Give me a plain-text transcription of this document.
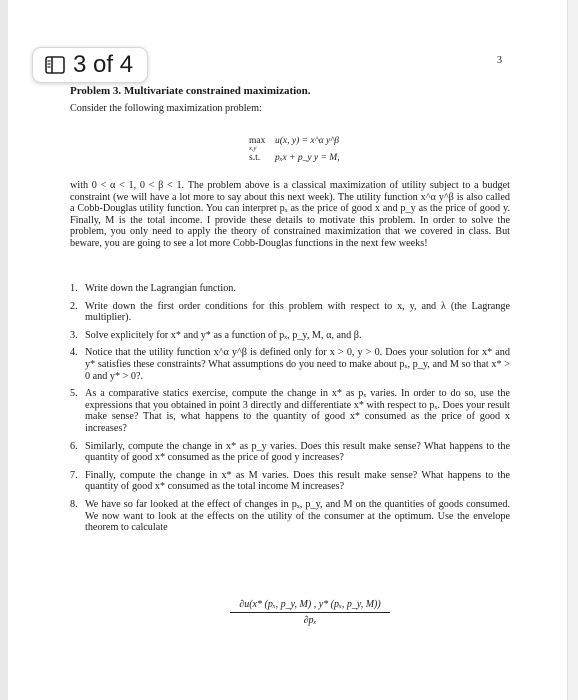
3 of 4	3
Problem 3. Multivariate constrained maximization.
Consider the following maximization problem:
max
x,y
u(x, y) = x^α y^β
s.t.	pₓx + p_y y = M,
with 0 < α < 1, 0 < β < 1. The problem above is a classical maximization of utility subject to a budget constraint (we will have a lot more to say about this next week). The utility function x^α y^β is also called a Cobb-Douglas utility function. You can interpret pₓ as the price of good x and p_y as the price of good y. Finally, M is the total income. I provide these details to motivate this problem. In order to solve the problem, you only need to apply the theory of constrained maximization that we covered in class. But beware, you are going to see a lot more Cobb-Douglas functions in the next few weeks!
1. Write down the Lagrangian function.
2. Write down the first order conditions for this problem with respect to x, y, and λ (the Lagrange multiplier).
3. Solve explicitely for x* and y* as a function of pₓ, p_y, M, α, and β.
4. Notice that the utility function x^α y^β is defined only for x > 0, y > 0. Does your solution for x* and y* satisfies these constraints? What assumptions do you need to make about pₓ, p_y, and M so that x* > 0 and y* > 0?.
5. As a comparative statics exercise, compute the change in x* as pₓ varies. In order to do so, use the expressions that you obtained in point 3 directly and differentiate x* with respect to pₓ. Does your result make sense? That is, what happens to the quantity of good x* consumed as the price of good x increases?
6. Similarly, compute the change in x* as p_y varies. Does this result make sense? What happens to the quantity of good x* consumed as the price of good y increases?
7. Finally, compute the change in x* as M varies. Does this result make sense? What happens to the quantity of good x* consumed as the total income M increases?
8. We have so far looked at the effect of changes in pₓ, p_y, and M on the quantities of goods consumed. We now want to look at the effects on the utility of the consumer at the optimum. Use the envelope theorem to calculate
$\frac{\text{∂u(x* (pₓ, p\_y, M) , y* (pₓ, p\_y, M))}}{\text{∂pₓ}}$
